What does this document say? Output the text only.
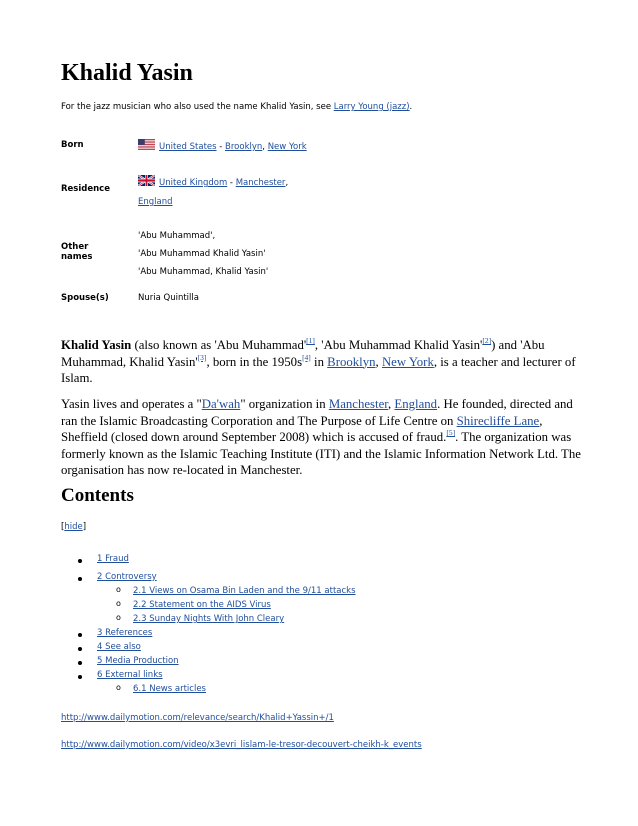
Khalid Yasin
For the jazz musician who also used the name Khalid Yasin, see Larry Young (jazz).
Born	United States - Brooklyn, New York
Residence
United Kingdom - Manchester,
England
Other names
'Abu Muhammad',
'Abu Muhammad Khalid Yasin'
'Abu Muhammad, Khalid Yasin'
Spouse(s)	Nuria Quintilla
Khalid Yasin (also known as 'Abu Muhammad'[1], 'Abu Muhammad Khalid Yasin'[2]) and 'Abu Muhammad, Khalid Yasin'[3], born in the 1950s[4] in Brooklyn, New York, is a teacher and lecturer of Islam.
Yasin lives and operates a "Da'wah" organization in Manchester, England. He founded, directed and ran the Islamic Broadcasting Corporation and The Purpose of Life Centre on Shirecliffe Lane, Sheffield (closed down around September 2008) which is accused of fraud.[5]. The organization was formerly known as the Islamic Teaching Institute (ITI) and the Islamic Information Network Ltd. The organisation has now re-located in Manchester.
Contents
[hide]
1 Fraud
2 Controversy
o 2.1 Views on Osama Bin Laden and the 9/11 attacks
o 2.2 Statement on the AIDS Virus
o 2.3 Sunday Nights With John Cleary
3 References
4 See also
5 Media Production
6 External links
o 6.1 News articles
http://www.dailymotion.com/relevance/search/Khalid+Yassin+/1
http://www.dailymotion.com/video/x3evri_lislam-le-tresor-decouvert-cheikh-k_events
